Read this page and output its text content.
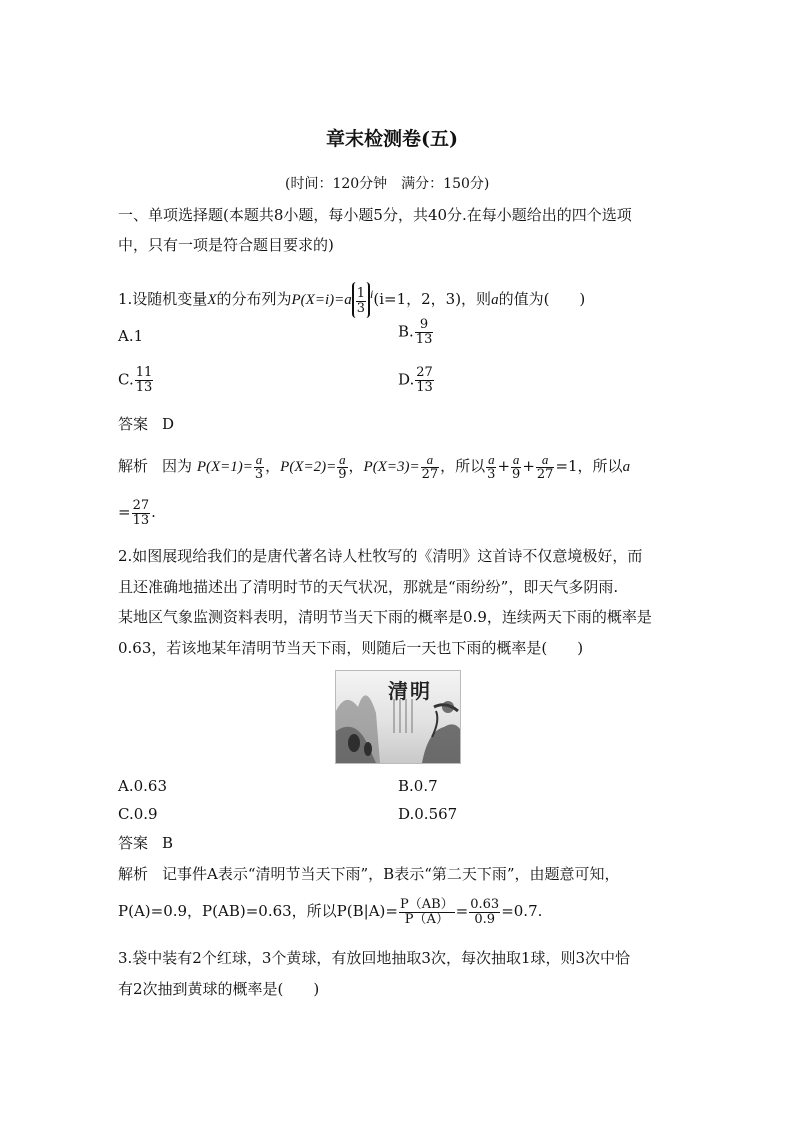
章末检测卷(五)
(时间：120分钟　满分：150分)
一、单项选择题(本题共8小题，每小题5分，共40分.在每小题给出的四个选项
中，只有一项是符合题目要求的)
1.设随机变量X的分布列为$P(X=i)=a \frac{1}{3} ^i(i=1$，2，3)，则a的值为(　　)
A.1	B. $\frac{9}{13}$
C. $\frac{11}{13}$	D. $\frac{27}{13}$
答案 D
解析 因为 $P(X=1)= \frac{a}{3}$ ，$P(X=2)= \frac{a}{9}$ ，$P(X=3)= \frac{a}{27}$ ，所以 $\frac{a}{3} + \frac{a}{9} + \frac{a}{27} =1$，所以a
= $\frac{27}{13}$ .
2.如图展现给我们的是唐代著名诗人杜牧写的《清明》这首诗不仅意境极好，而
且还准确地描述出了清明时节的天气状况，那就是“雨纷纷”，即天气多阴雨.
某地区气象监测资料表明，清明节当天下雨的概率是0.9，连续两天下雨的概率是
0.63，若该地某年清明节当天下雨，则随后一天也下雨的概率是(　　)
清明
A.0.63	B.0.7
C.0.9	D.0.567
答案 B
解析 记事件A表示“清明节当天下雨”，B表示“第二天下雨”，由题意可知，
P(A)=0.9，P(AB)=0.63，所以$P(B|A)= \frac{P(AB)}{P(A)} = \frac{0.63}{0.9} =0.7$.
3.袋中装有2个红球，3个黄球，有放回地抽取3次，每次抽取1球，则3次中恰
有2次抽到黄球的概率是(　　)
